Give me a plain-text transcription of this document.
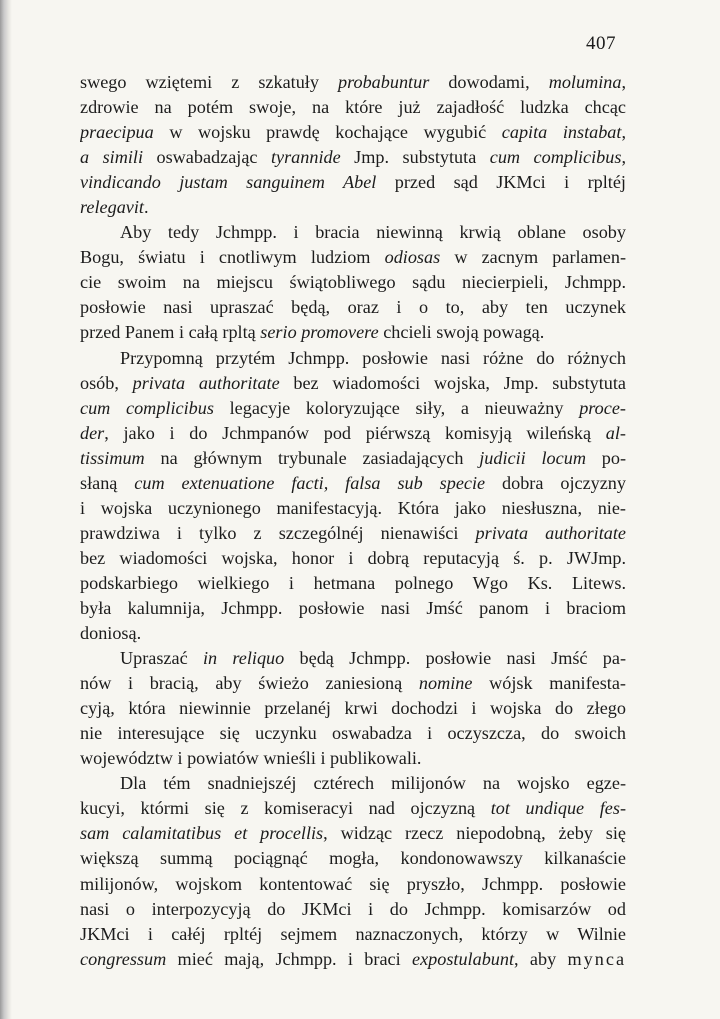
407
swego wziętemi z szkatuły probabuntur dowodami, molumina,
zdrowie na potém swoje, na które już zajadłość ludzka chcąc
praecipua w wojsku prawdę kochające wygubić capita instabat,
a simili oswabadzając tyrannide Jmp. substytuta cum complicibus,
vindicando justam sanguinem Abel przed sąd JKMci i rpltéj
relegavit.
Aby tedy Jchmpp. i bracia niewinną krwią oblane osoby
Bogu, światu i cnotliwym ludziom odiosas w zacnym parlamen-
cie swoim na miejscu świątobliwego sądu niecierpieli, Jchmpp.
posłowie nasi upraszać będą, oraz i o to, aby ten uczynek
przed Panem i całą rpltą serio promovere chcieli swoją powagą.
Przypomną przytém Jchmpp. posłowie nasi różne do różnych
osób, privata authoritate bez wiadomości wojska, Jmp. substytuta
cum complicibus legacyje koloryzujące siły, a nieuważny proce-
der, jako i do Jchmpanów pod piérwszą komisyją wileńską al-
tissimum na głównym trybunale zasiadających judicii locum po-
słaną cum extenuatione facti, falsa sub specie dobra ojczyzny
i wojska uczynionego manifestacyją. Która jako niesłuszna, nie-
prawdziwa i tylko z szczególnéj nienawiści privata authoritate
bez wiadomości wojska, honor i dobrą reputacyją ś. p. JWJmp.
podskarbiego wielkiego i hetmana polnego Wgo Ks. Litews.
była kalumnija, Jchmpp. posłowie nasi Jmść panom i braciom
doniosą.
Upraszać in reliquo będą Jchmpp. posłowie nasi Jmść pa-
nów i bracią, aby świeżo zaniesioną nomine wójsk manifesta-
cyją, która niewinnie przelanéj krwi dochodzi i wojska do złego
nie interesujące się uczynku oswabadza i oczyszcza, do swoich
województw i powiatów wnieśli i publikowali.
Dla tém snadniejszéj cztérech milijonów na wojsko egze-
kucyi, którmi się z komiseracyi nad ojczyzną tot undique fes-
sam calamitatibus et procellis, widząc rzecz niepodobną, żeby się
większą summą pociągnąć mogła, kondonowawszy kilkanaście
milijonów, wojskom kontentować się pryszło, Jchmpp. posłowie
nasi o interpozycyją do JKMci i do Jchmpp. komisarzów od
JKMci i całéj rpltéj sejmem naznaczonych, którzy w Wilnie
congressum mieć mają, Jchmpp. i braci expostulabunt, aby mynca
